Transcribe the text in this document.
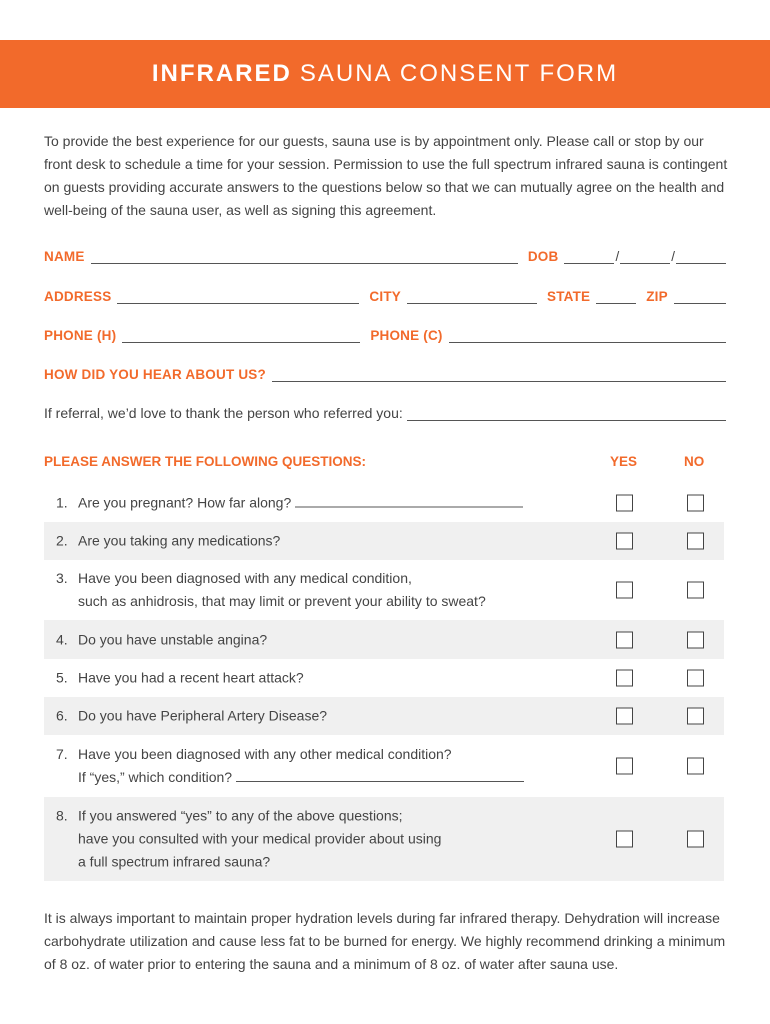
INFRARED SAUNA CONSENT FORM
To provide the best experience for our guests, sauna use is by appointment only. Please call or stop by our front desk to schedule a time for your session. Permission to use the full spectrum infrared sauna is contingent on guests providing accurate answers to the questions below so that we can mutually agree on the health and well-being of the sauna user, as well as signing this agreement.
NAME	DOB	/	/
ADDRESS	CITY	STATE	ZIP
PHONE (H)	PHONE (C)
HOW DID YOU HEAR ABOUT US?
If referral, we’d love to thank the person who referred you:
PLEASE ANSWER THE FOLLOWING QUESTIONS:	YES	NO
1. Are you pregnant? How far along?
2. Are you taking any medications?
3. Have you been diagnosed with any medical condition,
such as anhidrosis, that may limit or prevent your ability to sweat?
4. Do you have unstable angina?
5. Have you had a recent heart attack?
6. Do you have Peripheral Artery Disease?
7. Have you been diagnosed with any other medical condition?
If “yes,” which condition?
8. If you answered “yes” to any of the above questions;
have you consulted with your medical provider about using
a full spectrum infrared sauna?
It is always important to maintain proper hydration levels during far infrared therapy. Dehydration will increase carbohydrate utilization and cause less fat to be burned for energy. We highly recommend drinking a minimum of 8 oz. of water prior to entering the sauna and a minimum of 8 oz. of water after sauna use.
